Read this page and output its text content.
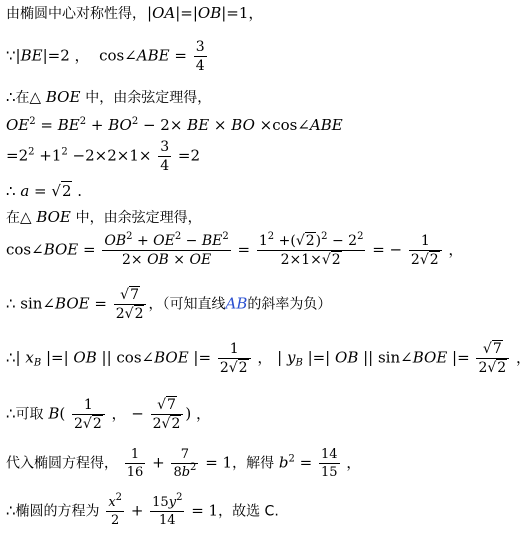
由椭圆中心对称性得，|OA|=|OB|=1，
∵|BE|=2 ，  cos∠ABE = $\frac{3}{4}$
∴在△ BOE 中，由余弦定理得，
$OE^2 = BE^2 + BO^2 - 2\times$ BE × BO ×cos∠ABE
$=2^2 +1^2 -2\times 2\times 1\times \frac{3}{4} =2$
∴ a = √2 .
在△ BOE 中，由余弦定理得，
cos∠BOE = $\frac{OB^2 + OE^2 - BE^2}{2\times OB \times OE} = \frac{1^2 +(√2)^2 - 2^2}{2\times 1\times√2}$ = − $\frac{1}{2√2}$ ，
∴ sin∠BOE = $\frac{√7}{2√2}$ ，（可知直线AB的斜率为负）
∴| $x_B$ |=| OB || cos∠BOE |= $\frac{1}{2√2}$ ， | $y_B$ |=| OB || sin∠BOE |= $\frac{√7}{2√2}$ ，
∴可取 $B( \frac{1}{2√2}$ ， − $\frac{√7}{2√2}$ ) ，
代入椭圆方程得， $\frac{1}{16} + \frac{7}{8b^2} = 1$，解得 $b^2 = \frac{14}{15}$ ，
∴椭圆的方程为 $\frac{x^2}{2} + \frac{15y^2}{14} = 1$，故选 C.
